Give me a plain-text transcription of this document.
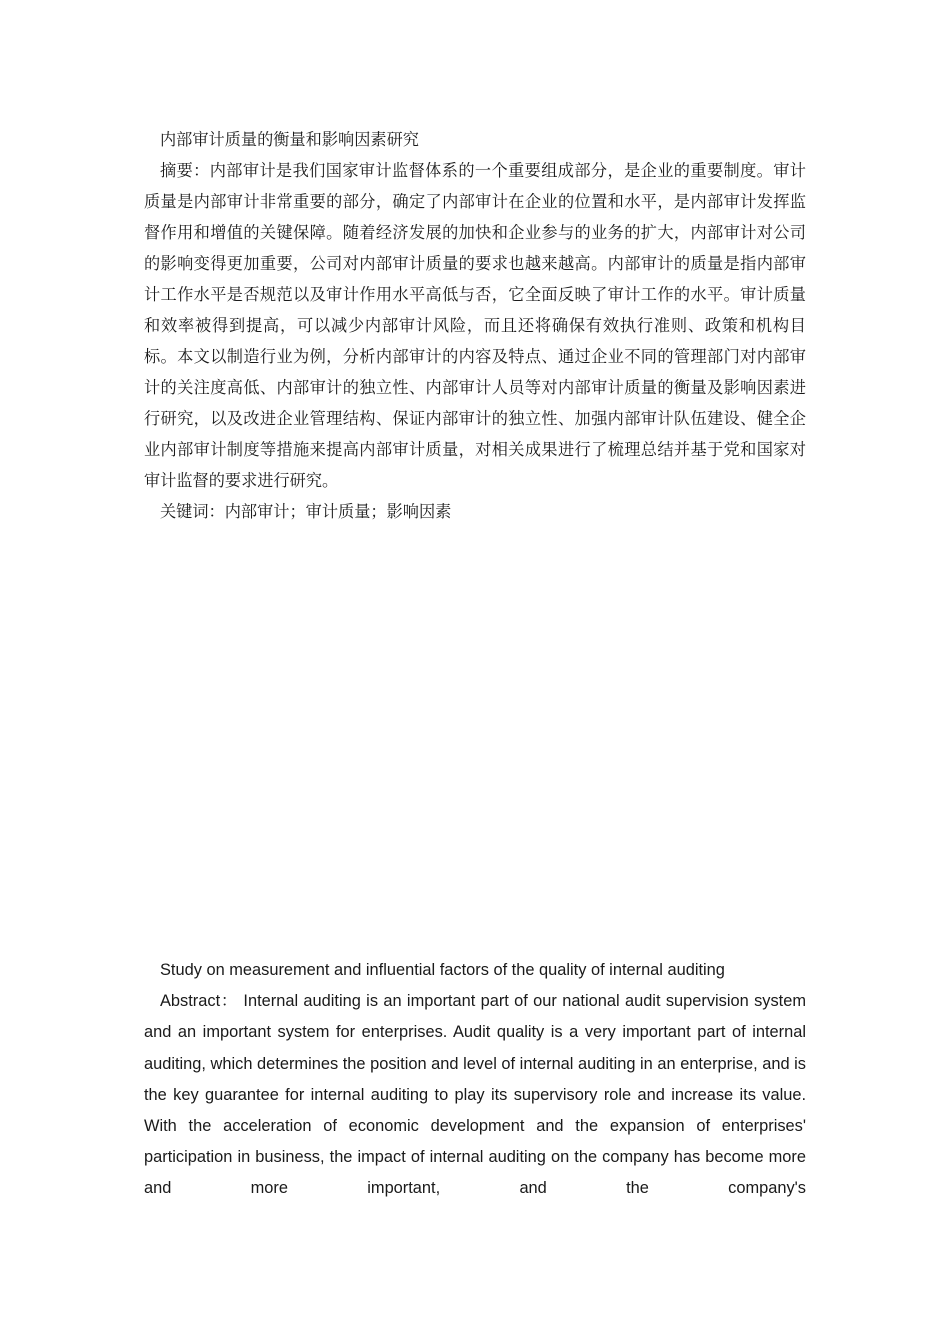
内部审计质量的衡量和影响因素研究

摘要：内部审计是我们国家审计监督体系的一个重要组成部分，是企业的重要制度。审计质量是内部审计非常重要的部分，确定了内部审计在企业的位置和水平，是内部审计发挥监督作用和增值的关键保障。随着经济发展的加快和企业参与的业务的扩大，内部审计对公司的影响变得更加重要，公司对内部审计质量的要求也越来越高。内部审计的质量是指内部审计工作水平是否规范以及审计作用水平高低与否，它全面反映了审计工作的水平。审计质量和效率被得到提高，可以减少内部审计风险，而且还将确保有效执行准则、政策和机构目标。本文以制造行业为例，分析内部审计的内容及特点、通过企业不同的管理部门对内部审计的关注度高低、内部审计的独立性、内部审计人员等对内部审计质量的衡量及影响因素进行研究，以及改进企业管理结构、保证内部审计的独立性、加强内部审计队伍建设、健全企业内部审计制度等措施来提高内部审计质量，对相关成果进行了梳理总结并基于党和国家对审计监督的要求进行研究。

关键词：内部审计；审计质量；影响因素

Study on measurement and influential factors of the quality of internal auditing

Abstract： Internal auditing is an important part of our national audit supervision system and an important system for enterprises. Audit quality is a very important part of internal auditing, which determines the position and level of internal auditing in an enterprise, and is the key guarantee for internal auditing to play its supervisory role and increase its value. With the acceleration of economic development and the expansion of enterprises' participation in business, the impact of internal auditing on the company has become more and more important, and the company's
